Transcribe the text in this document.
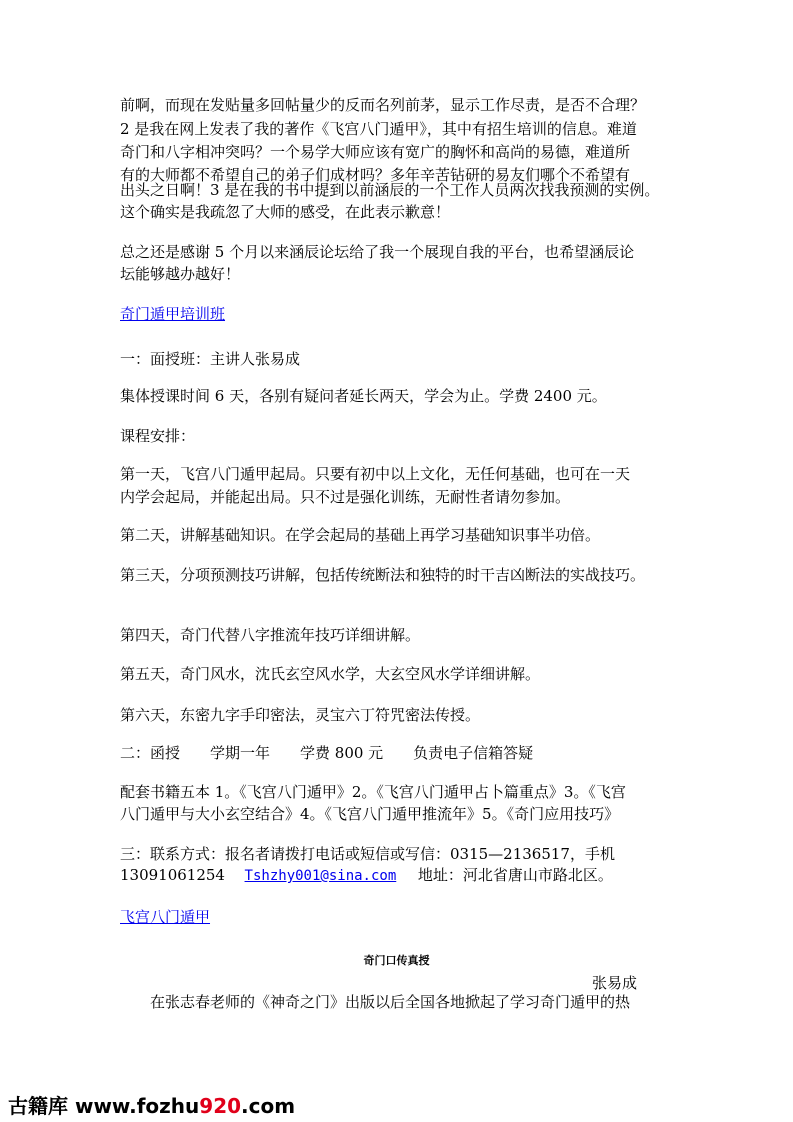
前啊，而现在发贴量多回帖量少的反而名列前茅，显示工作尽责，是否不合理？
2 是我在网上发表了我的著作《飞宫八门遁甲》，其中有招生培训的信息。难道
奇门和八字相冲突吗？一个易学大师应该有宽广的胸怀和高尚的易德，难道所
有的大师都不希望自己的弟子们成材吗？多年辛苦钻研的易友们哪个不希望有
出头之日啊！3 是在我的书中提到以前涵辰的一个工作人员两次找我预测的实例。
这个确实是我疏忽了大师的感受，在此表示歉意！
总之还是感谢 5 个月以来涵辰论坛给了我一个展现自我的平台，也希望涵辰论
坛能够越办越好！
奇门遁甲培训班
一：面授班：主讲人张易成
集体授课时间 6 天，各别有疑问者延长两天，学会为止。学费 2400 元。
课程安排：
第一天，飞宫八门遁甲起局。只要有初中以上文化，无任何基础，也可在一天
内学会起局，并能起出局。只不过是强化训练，无耐性者请勿参加。
第二天，讲解基础知识。在学会起局的基础上再学习基础知识事半功倍。
第三天，分项预测技巧讲解，包括传统断法和独特的时干吉凶断法的实战技巧。
第四天，奇门代替八字推流年技巧详细讲解。
第五天，奇门风水，沈氏玄空风水学，大玄空风水学详细讲解。
第六天，东密九字手印密法，灵宝六丁符咒密法传授。
二：函授　　学期一年　　学费 800 元　　负责电子信箱答疑
配套书籍五本 1。《飞宫八门遁甲》2。《飞宫八门遁甲占卜篇重点》3。《飞宫
八门遁甲与大小玄空结合》4。《飞宫八门遁甲推流年》5。《奇门应用技巧》
三：联系方式：报名者请拨打电话或短信或写信：0315—2136517，手机
13091061254 Tshzhy001@sina.com 地址：河北省唐山市路北区。
飞宫八门遁甲
奇门口传真授
张易成
在张志春老师的《神奇之门》出版以后全国各地掀起了学习奇门遁甲的热
古籍库 www.fozhu920.com
